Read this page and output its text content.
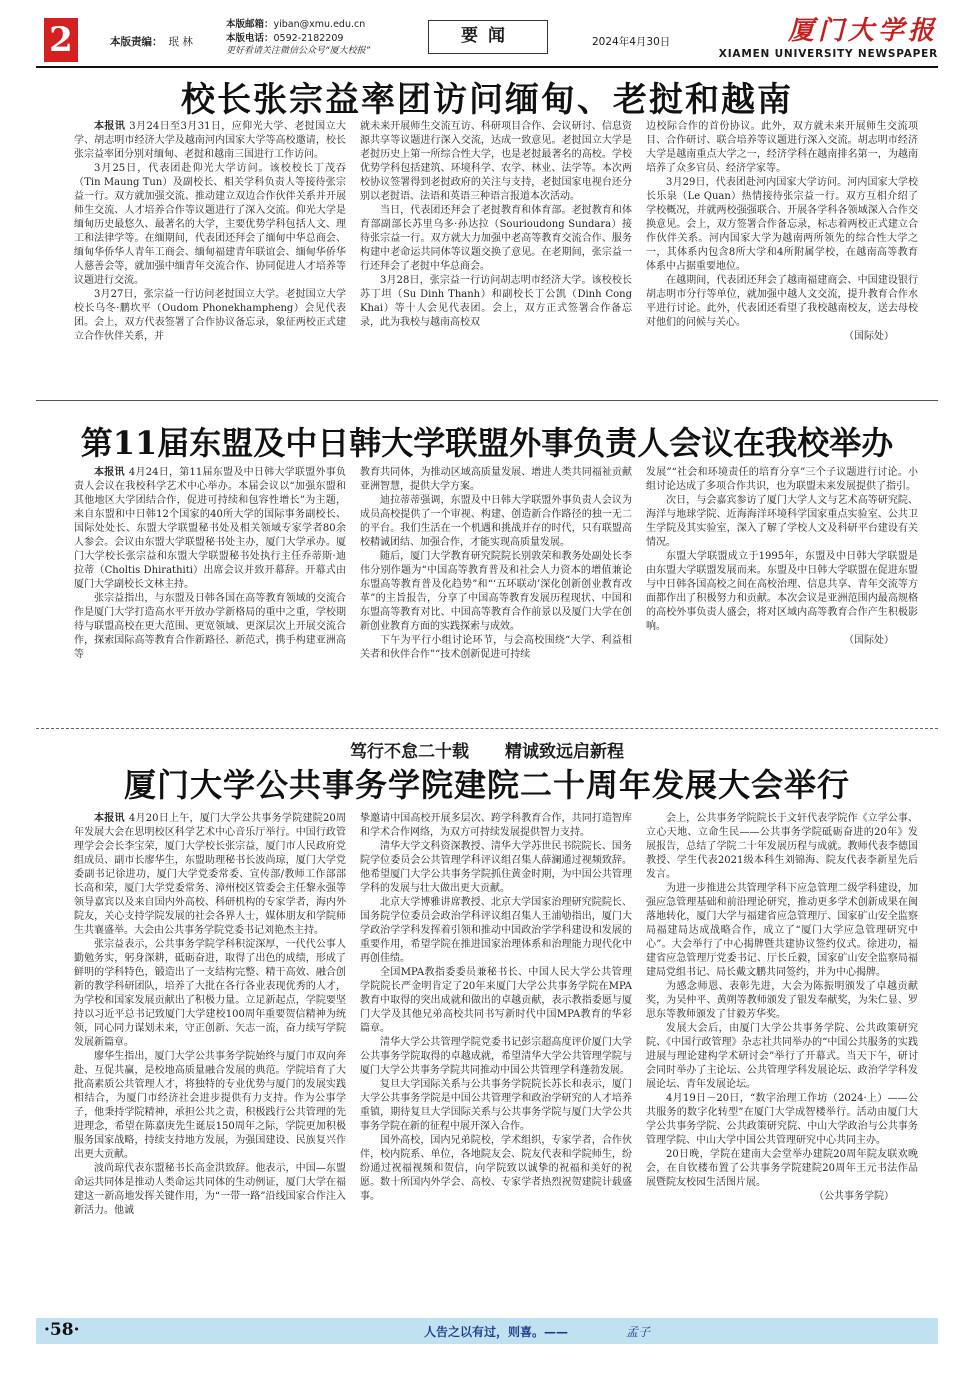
2	本版责编： 珉 林
本版邮箱：yiban@xmu.edu.cn
本版电话：0592-2182209
更好看请关注微信公众号“厦大校报”
要闻	2024年4月30日	厦门大学报
XIAMEN UNIVERSITY NEWSPAPER
校长张宗益率团访问缅甸、老挝和越南

本报讯 3月24日至3月31日，应仰光大学、老挝国立大学、胡志明市经济大学及越南河内国家大学等高校邀请，校长张宗益率团分别对缅甸、老挝和越南三国进行工作访问。

3月25日，代表团赴仰光大学访问。该校校长丁茂吞（Tin Maung Tun）及副校长、相关学科负责人等接待张宗益一行。双方就加强交流、推动建立双边合作伙伴关系并开展师生交流、人才培养合作等议题进行了深入交流。仰光大学是缅甸历史最悠久、最著名的大学，主要优势学科包括人文、理工和法律学等。在缅期间，代表团还拜会了缅甸中华总商会、缅甸华侨华人青年工商会、缅甸福建青年联谊会、缅甸华侨华人慈善会等，就加强中缅青年交流合作、协同促进人才培养等议题进行交流。

3月27日，张宗益一行访问老挝国立大学。老挝国立大学校长乌冬·鹏坎平（Oudom Phonekhampheng）会见代表团。会上，双方代表签署了合作协议备忘录，象征两校正式建立合作伙伴关系，并

就未来开展师生交流互访、科研项目合作、会议研讨、信息资源共享等议题进行深入交流，达成一致意见。老挝国立大学是老挝历史上第一所综合性大学，也是老挝最著名的高校。学校优势学科包括建筑、环境科学、农学、林业、法学等。本次两校协议签署得到老挝政府的关注与支持，老挝国家电视台还分别以老挝语、法语和英语三种语言报道本次活动。

当日，代表团还拜会了老挝教育和体育部。老挝教育和体育部副部长苏里乌多·孙达拉（Sourioudong Sundara）接待张宗益一行。双方就大力加强中老高等教育交流合作、服务构建中老命运共同体等议题交换了意见。在老期间，张宗益一行还拜会了老挝中华总商会。

3月28日，张宗益一行访问胡志明市经济大学。该校校长苏丁坦（Su Dinh Thanh）和副校长丁公凯（Dinh Cong Khai）等十人会见代表团。会上，双方正式签署合作备忘录，此为我校与越南高校双

边校际合作的首份协议。此外，双方就未来开展师生交流项目、合作研讨、联合培养等议题进行深入交流。胡志明市经济大学是越南重点大学之一，经济学科在越南排名第一，为越南培养了众多官员、经济学家等。

3月29日，代表团赴河内国家大学访问。河内国家大学校长乐泉（Le Quan）热情接待张宗益一行。双方互相介绍了学校概况，并就两校强强联合、开展各学科各领域深入合作交换意见。会上，双方签署合作备忘录，标志着两校正式建立合作伙伴关系。河内国家大学为越南两所领先的综合性大学之一，其体系内包含8所大学和4所附属学校，在越南高等教育体系中占据重要地位。

在越期间，代表团还拜会了越南福建商会、中国建设银行胡志明市分行等单位，就加强中越人文交流，提升教育合作水平进行讨论。此外，代表团还看望了我校越南校友，送去母校对他们的问候与关心。

（国际处）

第11届东盟及中日韩大学联盟外事负责人会议在我校举办

本报讯 4月24日，第11届东盟及中日韩大学联盟外事负责人会议在我校科学艺术中心举办。本届会议以“加强东盟和其他地区大学团结合作，促进可持续和包容性增长”为主题，来自东盟和中日韩12个国家的40所大学的国际事务副校长、国际处处长、东盟大学联盟秘书处及相关领域专家学者80余人参会。会议由东盟大学联盟秘书处主办，厦门大学承办。厦门大学校长张宗益和东盟大学联盟秘书处执行主任乔蒂斯·迪拉蒂（Choltis Dhirathiti）出席会议并致开幕辞。开幕式由厦门大学副校长文林主持。

张宗益指出，与东盟及日韩各国在高等教育领域的交流合作是厦门大学打造高水平开放办学新格局的重中之重，学校期待与联盟高校在更大范围、更宽领域、更深层次上开展交流合作，探索国际高等教育合作新路径、新范式，携手构建亚洲高等

教育共同体，为推动区域高质量发展、增进人类共同福祉贡献亚洲智慧，提供大学方案。

迪拉蒂蒂强调，东盟及中日韩大学联盟外事负责人会议为成员高校提供了一个审视、构建、创造新合作路径的独一无二的平台。我们生活在一个机遇和挑战并存的时代，只有联盟高校精诚团结、加强合作，才能实现高质量发展。

随后，厦门大学教育研究院院长别敦荣和教务处副处长李伟分别作题为“中国高等教育普及和社会人力资本的增值兼论东盟高等教育普及化趋势”和“‘五环联动’深化创新创业教育改革”的主旨报告，分享了中国高等教育发展历程现状、中国和东盟高等教育对比、中国高等教育合作前景以及厦门大学在创新创业教育方面的实践探索与成效。

下午为平行小组讨论环节，与会高校围绕“大学、利益相关者和伙伴合作”“技术创新促进可持续

发展”“社会和环境责任的培育分享”三个子议题进行讨论。小组讨论达成了多项合作共识，也为联盟未来发展提供了指引。

次日，与会嘉宾参访了厦门大学人文与艺术高等研究院、海洋与地球学院、近海海洋环境科学国家重点实验室、公共卫生学院及其实验室，深入了解了学校人文及科研平台建设有关情况。

东盟大学联盟成立于1995年，东盟及中日韩大学联盟是由东盟大学联盟发展而来。东盟及中日韩大学联盟在促进东盟与中日韩各国高校之间在高校治理、信息共享、青年交流等方面都作出了积极努力和贡献。本次会议是亚洲范围内最高规格的高校外事负责人盛会，将对区域内高等教育合作产生积极影响。

（国际处）

笃行不怠二十载 精诚致远启新程
厦门大学公共事务学院建院二十周年发展大会举行

本报讯 4月20日上午，厦门大学公共事务学院建院20周年发展大会在思明校区科学艺术中心音乐厅举行。中国行政管理学会会长李宝荣，厦门大学校长张宗益，厦门市人民政府党组成员、副市长廖华生，东盟助理秘书长波尚琼，厦门大学党委副书记徐进功，厦门大学党委常委、宣传部/教师工作部部长高和荣，厦门大学党委常务、漳州校区管委会主任黎永强等领导嘉宾以及来自国内外高校、科研机构的专家学者，海内外院友，关心支持学院发展的社会各界人士，媒体朋友和学院师生共襄盛举。大会由公共事务学院党委书记刘艳杰主持。

张宗益表示，公共事务学院学科积淀深厚，一代代公事人勤勉务实，躬身深耕，砥砺奋进，取得了出色的成绩，形成了鲜明的学科特色，锻造出了一支结构完整、精干高效、融合创新的教学科研团队，培养了大批在各行各业表现优秀的人才，为学校和国家发展贡献出了积极力量。立足新起点，学院要坚持以习近平总书记致厦门大学建校100周年重要贺信精神为统领，同心同力谋划未来，守正创新、矢志一流，奋力续写学院发展新篇章。

廖华生指出，厦门大学公共事务学院始终与厦门市双向奔赴、互促共赢，是校地高质量融合发展的典范。学院培育了大批高素质公共管理人才，将独特的专业优势与厦门的发展实践相结合，为厦门市经济社会进步提供有力支持。作为公事学子，他秉持学院精神，承担公共之责，积极践行公共管理的先进理念，希望在陈嘉庚先生诞辰150周年之际，学院更加积极服务国家战略，持续支持地方发展，为强国建设、民族复兴作出更大贡献。

波尚琼代表东盟秘书长高金洪致辞。他表示，中国—东盟命运共同体是推动人类命运共同体的生动例证，厦门大学在福建这一新高地发挥关键作用，为“一带一路”沿线国家合作注入新活力。他诚

挚邀请中国高校开展多层次、跨学科教育合作，共同打造智库和学术合作网络，为双方可持续发展提供智力支持。

清华大学文科资深教授、清华大学苏世民书院院长、国务院学位委员会公共管理学科评议组召集人薛澜通过视频致辞。他希望厦门大学公共事务学院抓住黄金时期，为中国公共管理学科的发展与壮大做出更大贡献。

北京大学博雅讲席教授、北京大学国家治理研究院院长、国务院学位委员会政治学科评议组召集人王浦劬指出，厦门大学政治学学科发挥着引领和推动中国政治学学科建设和发展的重要作用，希望学院在推进国家治理体系和治理能力现代化中再创佳绩。

全国MPA教指委委员兼秘书长、中国人民大学公共管理学院院长严金明肯定了20年来厦门大学公共事务学院在MPA教育中取得的突出成就和做出的卓越贡献，表示教指委愿与厦门大学及其他兄弟高校共同书写新时代中国MPA教育的华彩篇章。

清华大学公共管理学院党委书记彭宗超高度评价厦门大学公共事务学院取得的卓越成就，希望清华大学公共管理学院与厦门大学公共事务学院共同推动中国公共管理学科蓬勃发展。

复旦大学国际关系与公共事务学院院长苏长和表示，厦门大学公共事务学院是中国公共管理学和政治学研究的人才培养重镇，期待复旦大学国际关系与公共事务学院与厦门大学公共事务学院在新的征程中展开深入合作。

国外高校，国内兄弟院校，学术组织，专家学者，合作伙伴，校内院系、单位，各地院友会、院友代表和学院师生，纷纷通过祝福视频和贺信，向学院致以诚挚的祝福和美好的祝愿。数十所国内外学会、高校、专家学者热烈祝贺建院计载盛事。

会上，公共事务学院院长于文轩代表学院作《立学公事、立心天地、立命生民——公共事务学院砥砺奋进的20年》发展报告，总结了学院二十年发展历程与成就。教师代表李德国教授、学生代表2021级本科生刘锦海、院友代表李新星先后发言。

为进一步推进公共管理学科下应急管理二级学科建设，加强应急管理基础和前沿理论研究，推动更多学术创新成果在闽落地转化，厦门大学与福建省应急管理厅、国家矿山安全监察局福建局达成战略合作，成立了“厦门大学应急管理研究中心”。大会举行了中心揭牌暨共建协议签约仪式。徐进功，福建省应急管理厅党委书记、厅长丘毅，国家矿山安全监察局福建局党组书记、局长戴文鹏共同签约，并为中心揭牌。

为感念师恩、表彰先进，大会为陈振明颁发了卓越贡献奖，为吴仲平、黄朔等教师颁发了银发奉献奖，为朱仁显、罗思东等教师颁发了甘毅芳华奖。

发展大会后，由厦门大学公共事务学院、公共政策研究院、《中国行政管理》杂志社共同举办的“中国公共服务的实践进展与理论建构学术研讨会”举行了开幕式。当天下午，研讨会同时举办了主论坛、公共管理学科发展论坛、政治学学科发展论坛、青年发展论坛。

4月19日－20日，“数字治理工作坊（2024·上）——公共服务的数字化转型”在厦门大学成智楼举行。活动由厦门大学公共事务学院、公共政策研究院、中山大学政治与公共事务管理学院、中山大学中国公共管理研究中心共同主办。

20日晚，学院在建南大会堂举办建院20周年院友联欢晚会，在自钦楼布置了公共事务学院建院20周年王元书法作品展暨院友校园生活图片展。

（公共事务学院）

·58·	人告之以有过，则喜。——	孟子
